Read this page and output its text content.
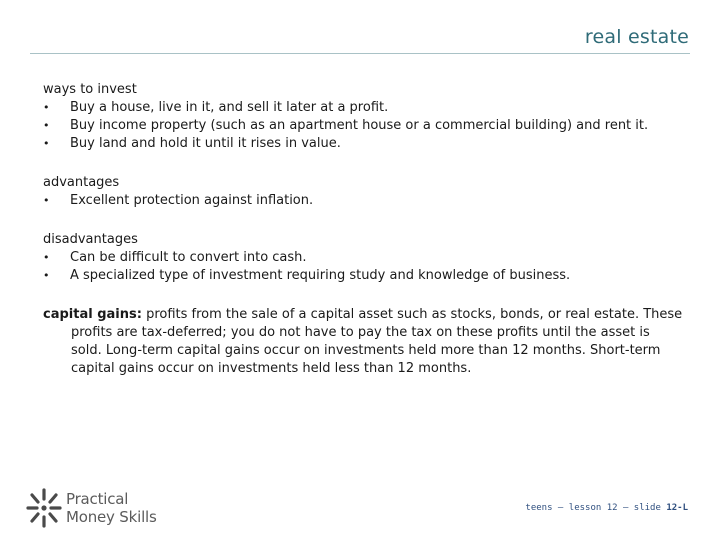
real estate
ways to invest
• Buy a house, live in it, and sell it later at a profit.
• Buy income property (such as an apartment house or a commercial building) and rent it.
• Buy land and hold it until it rises in value.
advantages
• Excellent protection against inflation.
disadvantages
• Can be difficult to convert into cash.
• A specialized type of investment requiring study and knowledge of business.

capital gains: profits from the sale of a capital asset such as stocks, bonds, or real estate. These profits are tax-deferred; you do not have to pay the tax on these profits until the asset is sold. Long-term capital gains occur on investments held more than 12 months. Short-term capital gains occur on investments held less than 12 months.

Practical
Money Skills	teens – lesson 12 – slide 12-L
